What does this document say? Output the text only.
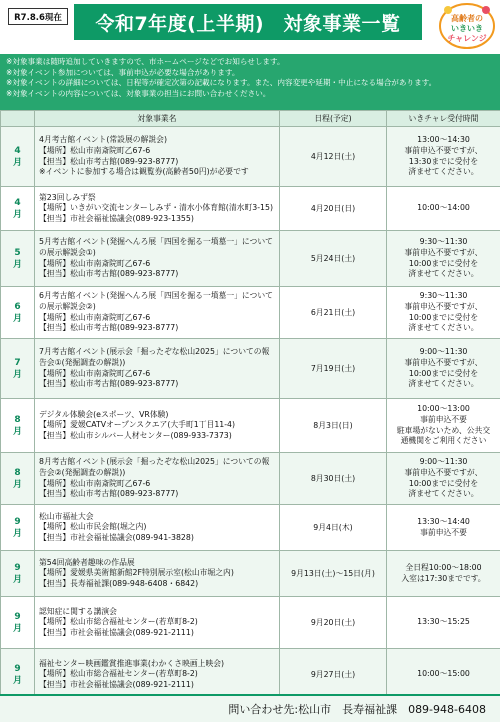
R7.8.6現在	令和7年度(上半期)　対象事業一覧	高齢者の
いきいき
チャレンジ
※対象事業は随時追加していきますので、市ホームページなどでお知らせします。
※対象イベント参加については、事前申込が必要な場合があります。
※対象イベントの詳細については、日程等が確定次第の記載になります。また、内容変更や延期・中止になる場合があります。
※対象イベントの内容については、対象事業の担当にお問い合わせください。
	対象事業名	日程(予定)	いきチャレ受付時間

4
月	4月考古館イベント(常設展の解説会)
【場所】松山市南斎院町乙67-6
【担当】松山市考古館(089-923-8777)
※イベントに参加する場合は観覧券(高齢者50円)が必要です	4月12日(土)	13:00～14:30
事前申込不要ですが、
13:30までに受付を
済ませてください。

4
月	第23回しみず祭
【場所】いきがい交流センターしみず・清水小体育館(清水町3-15)
【担当】市社会福祉協議会(089-923-1355)	4月20日(日)	10:00～14:00

5
月	5月考古館イベント(発掘へんろ展「四国を掘る一墳墓一」についての展示解説会①)
【場所】松山市南斎院町乙67-6
【担当】松山市考古館(089-923-8777)	5月24日(土)	9:30～11:30
事前申込不要ですが、
10:00までに受付を
済ませてください。

6
月	6月考古館イベント(発掘へんろ展「四国を掘る一墳墓一」についての展示解説会②)
【場所】松山市南斎院町乙67-6
【担当】松山市考古館(089-923-8777)	6月21日(土)	9:30～11:30
事前申込不要ですが、
10:00までに受付を
済ませてください。

7
月	7月考古館イベント(展示会「掘ったぞな松山2025」についての報告会①(発掘調査の解説))
【場所】松山市南斎院町乙67-6
【担当】松山市考古館(089-923-8777)	7月19日(土)	9:00～11:30
事前申込不要ですが、
10:00までに受付を
済ませてください。

8
月	デジタル体験会(eスポーツ、VR体験)
【場所】愛媛CATVオープンスクエア(大手町1丁目11-4)
【担当】松山市シルバー人材センター(089-933-7373)	8月3日(日)	10:00～13:00
事前申込不要
駐車場がないため、公共交
通機関をご利用ください

8
月	8月考古館イベント(展示会「掘ったぞな松山2025」についての報告会②(発掘調査の解説))
【場所】松山市南斎院町乙67-6
【担当】松山市考古館(089-923-8777)	8月30日(土)	9:00～11:30
事前申込不要ですが、
10:00までに受付を
済ませてください。

9
月	松山市福祉大会
【場所】松山市民会館(堀之内)
【担当】市社会福祉協議会(089-941-3828)	9月4日(木)	13:30～14:40
事前申込不要

9
月	第54回高齢者趣味の作品展
【場所】愛媛県美術館新館2F特別展示室(松山市堀之内)
【担当】長寿福祉課(089-948-6408・6842)	9月13日(土)～15日(月)	全日程10:00～18:00
入室は17:30までです。

9
月	認知症に関する講演会
【場所】松山市総合福祉センター(若草町8-2)
【担当】市社会福祉協議会(089-921-2111)	9月20日(土)	13:30～15:25

9
月	福祉センター映画鑑賞推進事業(わかくさ映画上映会)
【場所】松山市総合福祉センター(若草町8-2)
【担当】市社会福祉協議会(089-921-2111)	9月27日(土)	10:00～15:00
問い合わせ先:松山市　長寿福祉課　089-948-6408
